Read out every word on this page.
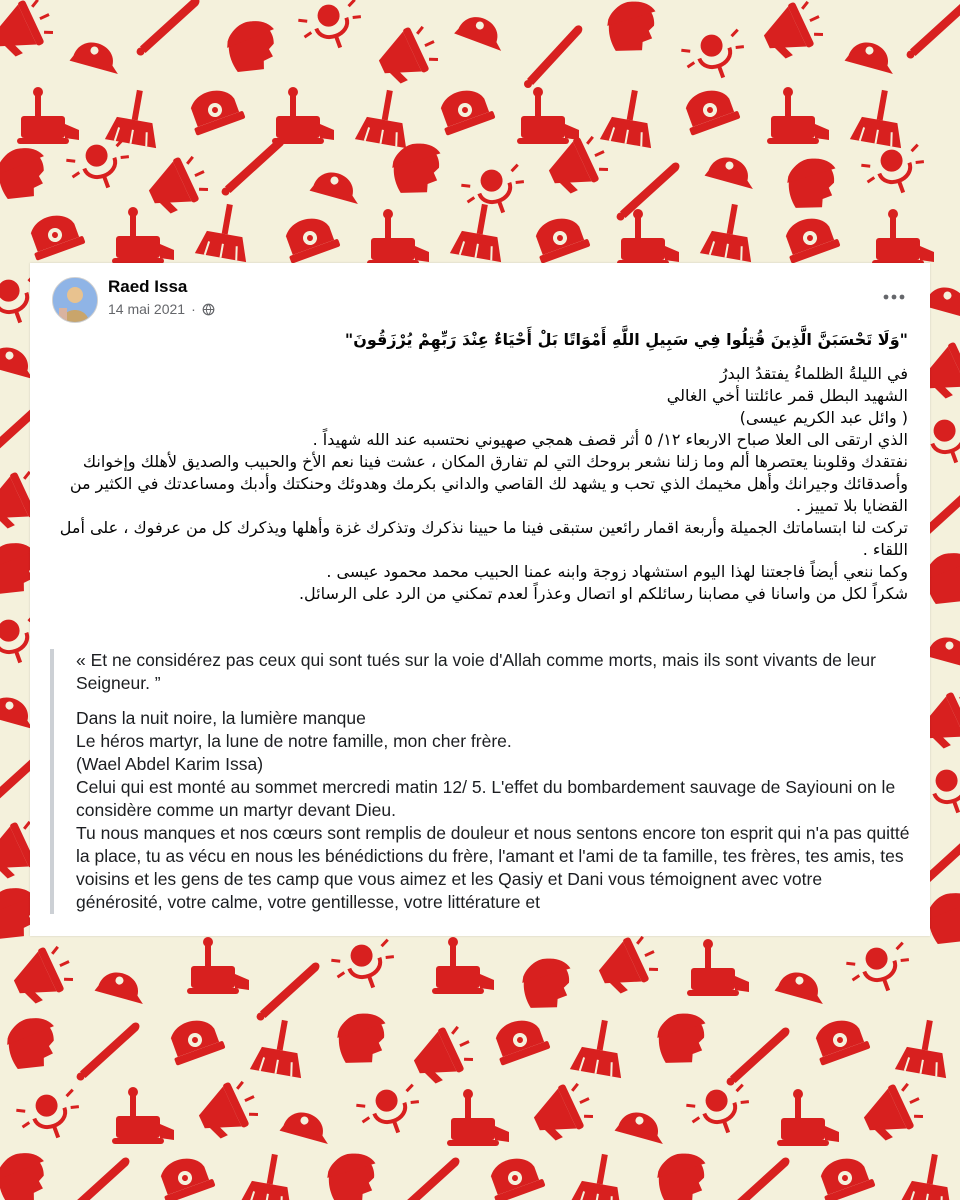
Raed Issa
14 mai 2021 ·

"وَلَا تَحْسَبَنَّ الَّذِينَ قُتِلُوا فِي سَبِيلِ اللَّهِ أَمْوَاتًا بَلْ أَحْيَاءٌ عِنْدَ رَبِّهِمْ يُرْزَقُونَ"

في الليلةُ الظلماءُ يفتقدُ البدرُ

الشهيد البطل قمر عائلتنا أخي الغالي

( وائل عبد الكريم عيسى)

الذي ارتقى الى العلا صباح الاربعاء ١٢/ ٥ أثر قصف همجي صهيوني نحتسبه عند الله شهيداً .

نفتقدك وقلوبنا يعتصرها ألم وما زلنا نشعر بروحك التي لم تفارق المكان ، عشت فينا نعم الأخ والحبيب والصديق لأهلك وإخوانك وأصدقائك وجيرانك وأهل مخيمك الذي تحب و يشهد لك القاصي والداني بكرمك وهدوئك وحنكتك وأدبك ومساعدتك في الكثير من القضايا بلا تمييز .

تركت لنا ابتساماتك الجميلة وأربعة اقمار رائعين ستبقى فينا ما حيينا نذكرك وتذكرك غزة وأهلها ويذكرك كل من عرفوك ، على أمل اللقاء .

وكما ننعي أيضاً فاجعتنا لهذا اليوم استشهاد زوجة وابنه عمنا الحبيب محمد محمود عيسى .

شكراً لكل من واسانا في مصابنا رسائلكم او اتصال وعذراً لعدم تمكني من الرد على الرسائل.

« Et ne considérez pas ceux qui sont tués sur la voie d'Allah comme morts, mais ils sont vivants de leur Seigneur. ”

Dans la nuit noire, la lumière manque

Le héros martyr, la lune de notre famille, mon cher frère.

(Wael Abdel Karim Issa)

Celui qui est monté au sommet mercredi matin 12/ 5. L'effet du bombardement sauvage de Sayiouni on le considère comme un martyr devant Dieu.

Tu nous manques et nos cœurs sont remplis de douleur et nous sentons encore ton esprit qui n'a pas quitté la place, tu as vécu en nous les bénédictions du frère, l'amant et l'ami de ta famille, tes frères, tes amis, tes voisins et les gens de tes camp que vous aimez et les Qasiy et Dani vous témoignent avec votre générosité, votre calme, votre gentillesse, votre littérature et
